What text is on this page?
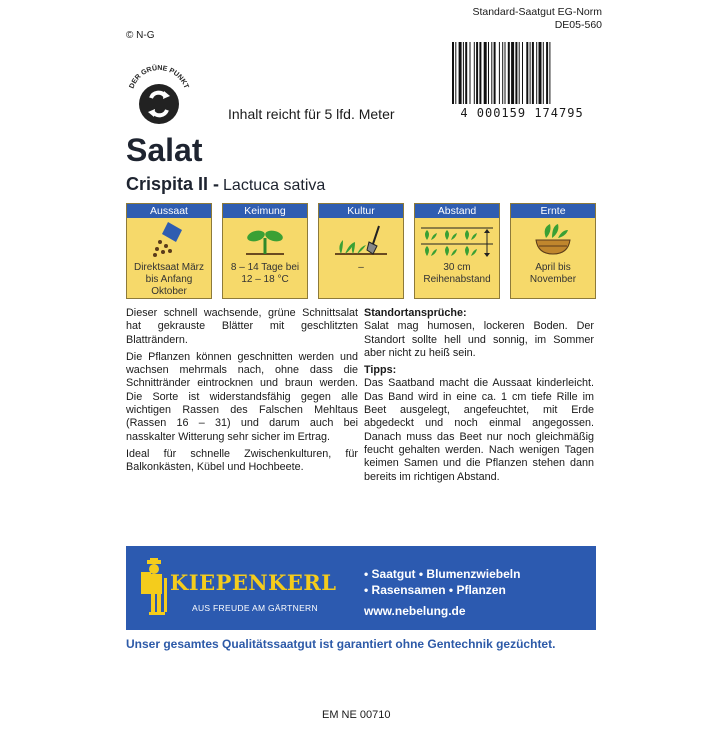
© N-G
Standard-Saatgut EG-Norm
DE05-560
DER GRÜNE PUNKT
Inhalt reicht für 5 lfd. Meter	4 000159 174795
Salat
Crispita II - Lactuca sativa
Aussaat
Direktsaat März bis Anfang Oktober
Keimung
8 – 14 Tage bei 12 – 18 °C
Kultur
–
Abstand
30 cm Reihenabstand
Ernte
April bis November

Dieser schnell wachsende, grüne Schnittsalat hat gekrauste Blätter mit geschlitzten Blatträndern.

Die Pflanzen können geschnitten werden und wachsen mehrmals nach, ohne dass die Schnittränder eintrocknen und braun werden. Die Sorte ist widerstandsfähig gegen alle wichtigen Rassen des Falschen Mehltaus (Rassen 16 – 31) und darum auch bei nasskalter Witterung sehr sicher im Ertrag.

Ideal für schnelle Zwischenkulturen, für Balkonkästen, Kübel und Hochbeete.

Standortansprüche:

Salat mag humosen, lockeren Boden. Der Standort sollte hell und sonnig, im Sommer aber nicht zu heiß sein.

Tipps:

Das Saatband macht die Aussaat kinderleicht. Das Band wird in eine ca. 1 cm tiefe Rille im Beet ausgelegt, angefeuchtet, mit Erde abgedeckt und noch einmal angegossen. Danach muss das Beet nur noch gleichmäßig feucht gehalten werden. Nach wenigen Tagen keimen Samen und die Pflanzen stehen dann bereits im richtigen Abstand.

KIEPENKERL
AUS FREUDE AM GÄRTNERN
• Saatgut • Blumenzwiebeln
• Rasensamen • Pflanzen
www.nebelung.de
Unser gesamtes Qualitätssaatgut ist garantiert ohne Gentechnik gezüchtet.
EM NE 00710
